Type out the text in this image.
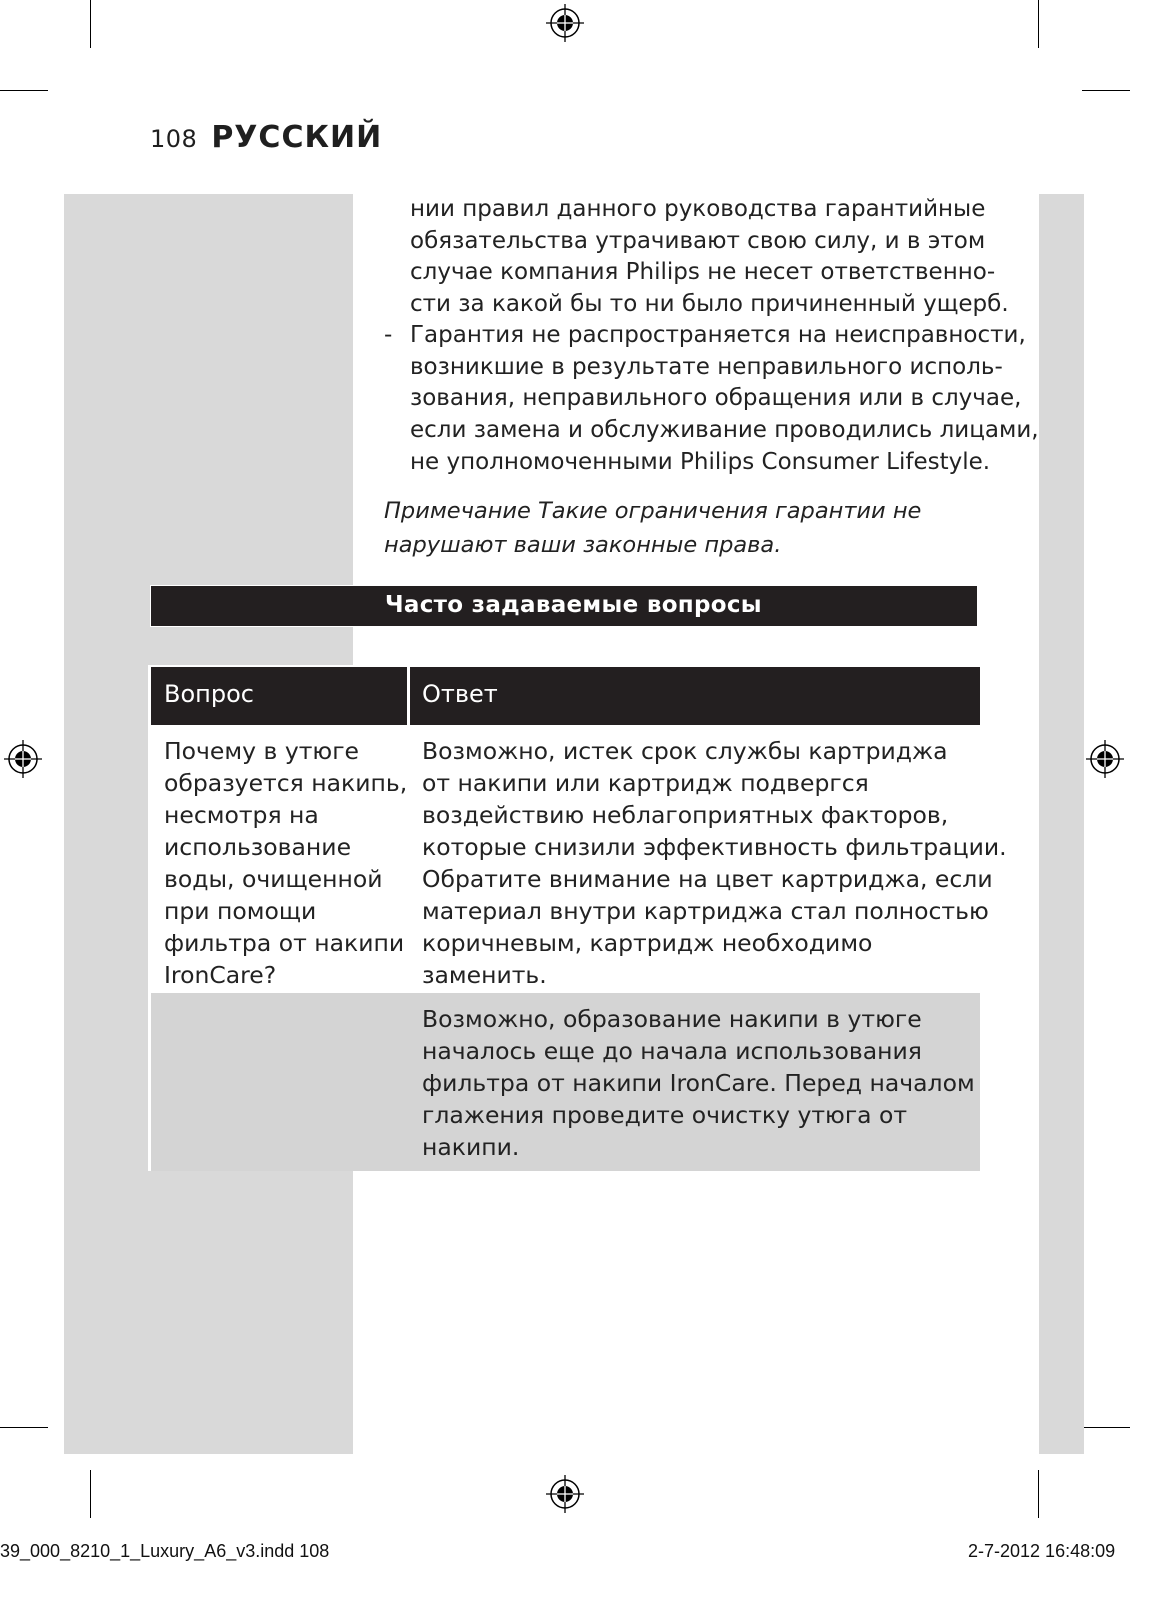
108 РУССКИЙ

нии правил данного руководства гарантийные
обязательства утрачивают свою силу, и в этом
случае компания Philips не несет ответственно-
сти за какой бы то ни было причиненный ущерб.

- Гарантия не распространяется на неисправности,
возникшие в результате неправильного исполь-
зования, неправильного обращения или в случае,
если замена и обслуживание проводились лицами,
не уполномоченными Philips Consumer Lifestyle.

Примечание Такие ограничения гарантии не
нарушают ваши законные права.
Часто задаваемые вопросы
Вопрос	Ответ
Почему в утюге
образуется накипь,
несмотря на
использование
воды, очищенной
при помощи
фильтра от накипи
IronCare?
Возможно, истек срок службы картриджа
от накипи или картридж подвергся
воздействию неблагоприятных факторов,
которые снизили эффективность фильтрации.
Обратите внимание на цвет картриджа, если
материал внутри картриджа стал полностью
коричневым, картридж необходимо
заменить.
Возможно, образование накипи в утюге
началось еще до начала использования
фильтра от накипи IronCare. Перед началом
глажения проведите очистку утюга от
накипи.
39_000_8210_1_Luxury_A6_v3.indd 108	2-7-2012 16:48:09
